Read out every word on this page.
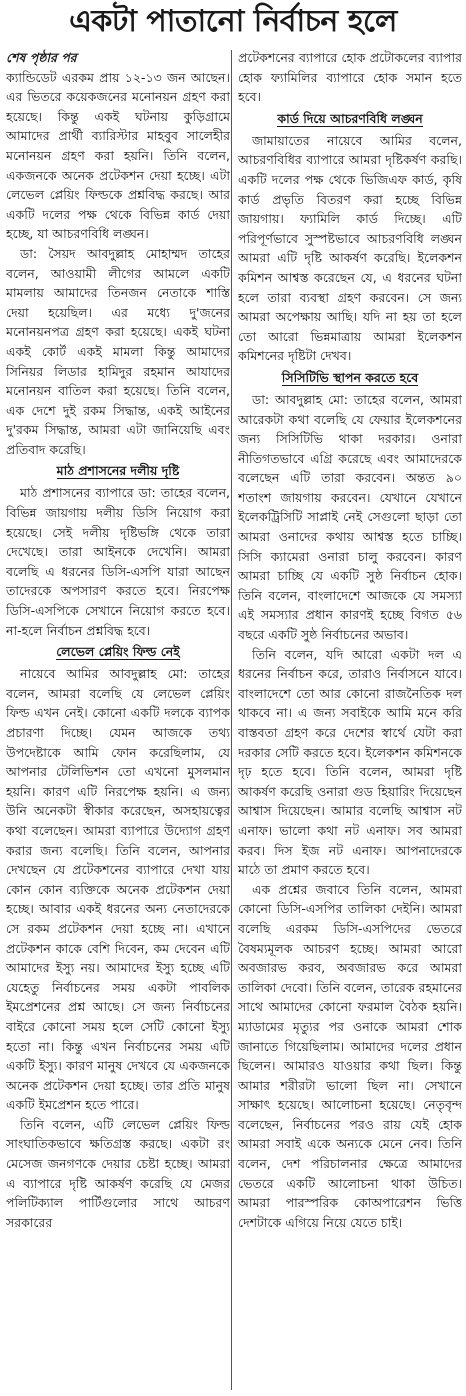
একটা পাতানো নির্বাচন হলে

শেষ পৃষ্ঠার পর

ক্যান্ডিডেট এরকম প্রায় ১২-১৩ জন আছেন। এর ভিতরে কয়েকজনের মনোনয়ন গ্রহণ করা হয়েছে। কিন্তু একই ঘটনায় কুড়িগ্রামে আমাদের প্রার্থী ব্যারিস্টার মাহবুব সালেহীর মনোনয়ন গ্রহণ করা হয়নি। তিনি বলেন, একজনকে অনেক প্রটেকশন দেয়া হচ্ছে। এটা লেভেল প্লেয়িং ফিল্ডকে প্রশ্নবিদ্ধ করছে। আর একটি দলের পক্ষ থেকে বিভিন্ন কার্ড দেয়া হচ্ছে, যা আচরণবিধি লঙ্ঘন।

ডা: সৈয়দ আবদুল্লাহ মোহাম্মদ তাহের বলেন, আওয়ামী লীগের আমলে একটি মামলায় আমাদের তিনজন নেতাকে শাস্তি দেয়া হয়েছিল। এর মধ্যে দু'জনের মনোনয়নপত্র গ্রহণ করা হয়েছে। একই ঘটনা একই কোর্ট একই মামলা কিন্তু আমাদের সিনিয়র লিডার হামিদুর রহমান আযাদের মনোনয়ন বাতিল করা হয়েছে। তিনি বলেন, এক দেশে দুই রকম সিদ্ধান্ত, একই আইনের দু'রকম সিদ্ধান্ত, আমরা এটা জানিয়েছি এবং প্রতিবাদ করেছি।

মাঠ প্রশাসনের দলীয় দৃষ্টি

মাঠ প্রশাসনের ব্যাপারে ডা: তাহের বলেন, বিভিন্ন জায়গায় দলীয় ডিসি নিয়োগ করা হয়েছে। সেই দলীয় দৃষ্টিভঙ্গি থেকে তারা দেখেছে। তারা আইনকে দেখেনি। আমরা বলেছি এ ধরনের ডিসি-এসপি যারা আছেন তাদেরকে অপসারণ করতে হবে। নিরপেক্ষ ডিসি-এসপিকে সেখানে নিয়োগ করতে হবে। না-হলে নির্বাচন প্রশ্নবিদ্ধ হবে।

লেভেল প্লেয়িং ফিল্ড নেই

নায়েবে আমির আবদুল্লাহ মো: তাহের বলেন, আমরা বলেছি যে লেভেল প্লেয়িং ফিল্ড এখন নেই। কোনো একটি দলকে ব্যাপক প্রচারণা দিচ্ছে। যেমন আজকে তথ্য উপদেষ্টাকে আমি ফোন করেছিলাম, যে আপনার টেলিভিশন তো এখনো মুসলমান হয়নি। কারণ এটি নিরপেক্ষ হয়নি। এ জন্য উনি অনেকটা স্বীকার করেছেন, অসহায়ত্বের কথা বলেছেন। আমরা ব্যাপারে উদ্যোগ গ্রহণ করার জন্য বলেছি। তিনি বলেন, আপনার দেখছেন যে প্রটেকশনের ব্যাপারে দেখা যায় কোন কোন ব্যক্তিকে অনেক প্রটেকশন দেয়া হচ্ছে। আবার একই ধরনের অন্য নেতাদেরকে সে রকম প্রটেকশন দেয়া হচ্ছে না। এখানে প্রটেকশন কাকে বেশি দিবেন, কম দেবেন এটি আমাদের ইস্যু নয়। আমাদের ইস্যু হচ্ছে এটি যেহেতু নির্বাচনের সময় একটা পাবলিক ইমপ্রেশনের প্রশ্ন আছে। সে জন্য নির্বাচনের বাইরে কোনো সময় হলে সেটি কোনো ইস্যু হতো না। কিন্তু এখন নির্বাচনের সময় এটি একটি ইস্যু। কারণ মানুষ দেখবে যে একজনকে অনেক প্রটেকশন দেয়া হচ্ছে। তার প্রতি মানুষ একটি ইমপ্রেশন হতে পারে।

তিনি বলেন, এটি লেভেল প্লেয়িং ফিল্ড সাংঘাতিকভাবে ক্ষতিগ্রস্ত করছে। একটা রং মেসেজ জনগণকে দেয়ার চেষ্টা হচ্ছে। আমরা এ ব্যাপারে দৃষ্টি আকর্ষণ করেছি যে মেজর পলিটিক্যাল পার্টিগুলোর সাথে আচরণ সরকারের

প্রটেকশনের ব্যাপারে হোক প্রটোকলের ব্যাপার হোক ফ্যামিলির ব্যাপারে হোক সমান হতে হবে।

কার্ড দিয়ে আচরণবিধি লঙ্ঘন

জামায়াতের নায়েবে আমির বলেন, আচরণবিধির ব্যাপারে আমরা দৃষ্টিকর্ষণ করছি। একটি দলের পক্ষ থেকে ভিজিএফ কার্ড, কৃষি কার্ড প্রভৃতি বিতরণ করা হচ্ছে বিভিন্ন জায়গায়। ফ্যামিলি কার্ড দিচ্ছে। এটি পরিপূর্ণভাবে সুস্পষ্টভাবে আচরণবিধি লঙ্ঘন আমরা এটি দৃষ্টি আকর্ষণ করেছি। ইলেকশন কমিশন আশ্বস্ত করেছেন যে, এ ধরনের ঘটনা হলে তারা ব্যবস্থা গ্রহণ করবেন। সে জন্য আমরা অপেক্ষায় আছি। যদি না হয় তা হলে তো আরো ভিন্নমাত্রায় আমরা ইলেকশন কমিশনের দৃষ্টিটা দেখব।

সিসিটিভি স্থাপন করতে হবে

ডা: আবদুল্লাহ মো: তাহের বলেন, আমরা আরেকটা কথা বলেছি যে ফেয়ার ইলেকশনের জন্য সিসিটিভি থাকা দরকার। ওনারা নীতিগতভাবে এগ্রি করেছে এবং আমাদেরকে বলেছেন এটি তারা করবেন। অন্তত ৯০ শতাংশ জায়গায় করবেন। যেখানে যেখানে ইলেকট্রিসিটি সাপ্লাই নেই সেগুলো ছাড়া তো আমরা ওনাদের কথায় আশ্বস্ত হতে চাচ্ছি। সিসি ক্যামেরা ওনারা চালু করবেন। কারণ আমরা চাচ্ছি যে একটি সুষ্ঠ নির্বাচন হোক। তিনি বলেন, বাংলাদেশে আজকে যে সমস্যা এই সমস্যার প্রধান কারণই হচ্ছে বিগত ৫৬ বছরে একটি সুষ্ঠ নির্বাচনের অভাব।

তিনি বলেন, যদি আরো একটা দল এ ধরনের নির্বাচন করে, তারাও নির্বাসনে যাবে। বাংলাদেশে তো আর কোনো রাজনৈতিক দল থাকবে না। এ জন্য সবাইকে আমি মনে করি বাস্তবতা গ্রহণ করে দেশের স্বার্থে যেটা করা দরকার সেটি করতে হবে। ইলেকশন কমিশনকে দৃঢ় হতে হবে। তিনি বলেন, আমরা দৃষ্টি আকর্ষণ করেছি ওনারা গুড হিয়ারিং দিয়েছেন আশ্বাস দিয়েছেন। আমার বলেছি আশ্বাস নট এনাফ। ভালো কথা নট এনাফ। সব আমরা করব। দিস ইজ নট এনাফ। আপনাদেরকে মাঠে তা প্রমাণ করতে হবে।

এক প্রশ্নের জবাবে তিনি বলেন, আমরা কোনো ডিসি-এসপির তালিকা দেইনি। আমরা বলেছি এরকম ডিসি-এসপিদের ভেতরে বৈষম্যমূলক আচরণ হচ্ছে। আমরা আরো অবজারভ করব, অবজারভ করে আমরা তালিকা দেবো। তিনি বলেন, তারেক রহমানের সাথে আমাদের কোনো ফরমাল বৈঠক হয়নি। ম্যাডামের মৃত্যুর পর ওনাকে আমরা শোক জানাতে গিয়েছিলাম। আমাদের দলের প্রধান ছিলেন। আমারও যাওয়ার কথা ছিল। কিন্তু আমার শরীরটা ভালো ছিল না। সেখানে সাক্ষাৎ হয়েছে। আলোচনা হয়েছে। নেতৃবৃন্দ বলেছেন, নির্বাচনের পরও রায় যেই হোক আমরা সবাই একে অন্যকে মেনে নেব। তিনি বলেন, দেশ পরিচালনার ক্ষেত্রে আমাদের ভেতরে একটি আলোচনা থাকা উচিত। আমরা পারস্পরিক কোঅপারেশন ভিত্তি দেশটাকে এগিয়ে নিয়ে যেতে চাই।
